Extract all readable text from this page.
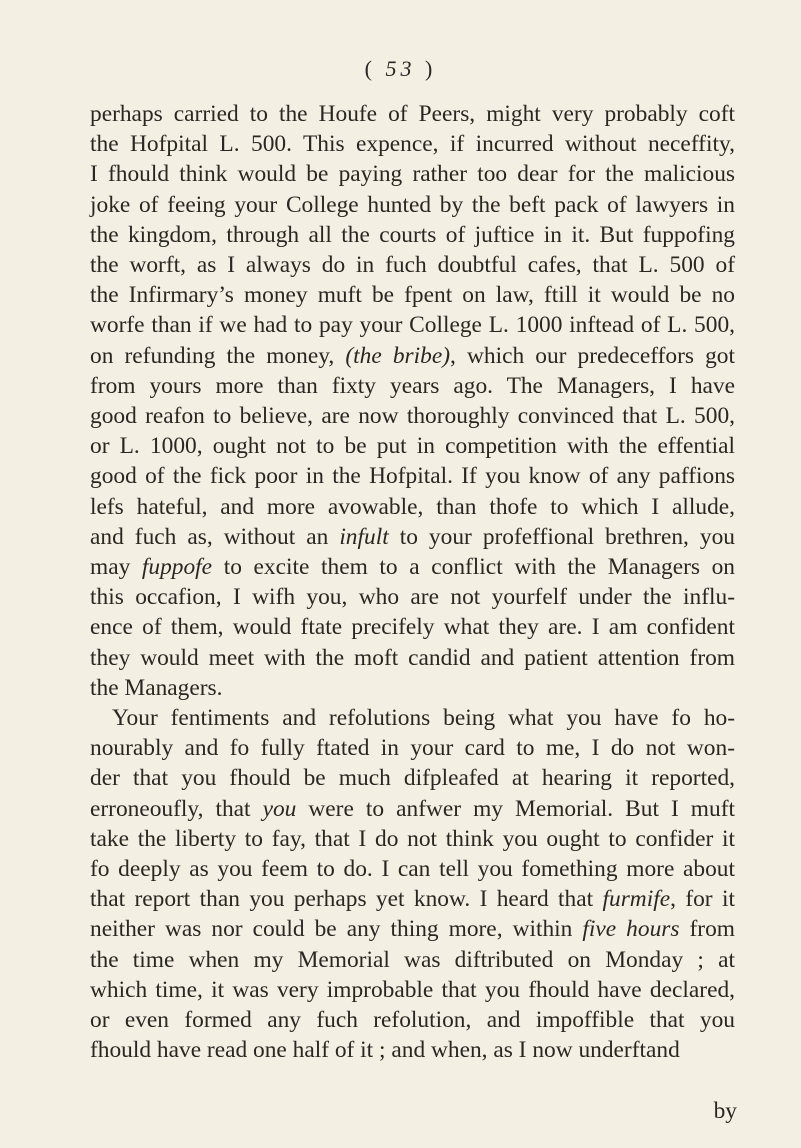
( 53 )
perhaps carried to the Houfe of Peers, might very probably coft
the Hofpital L. 500. This expence, if incurred without neceffity,
I fhould think would be paying rather too dear for the malicious
joke of feeing your College hunted by the beft pack of lawyers in
the kingdom, through all the courts of juftice in it. But fuppofing
the worft, as I always do in fuch doubtful cafes, that L. 500 of
the Infirmary’s money muft be fpent on law, ftill it would be no
worfe than if we had to pay your College L. 1000 inftead of L. 500,
on refunding the money, (the bribe), which our predeceffors got
from yours more than fixty years ago. The Managers, I have
good reafon to believe, are now thoroughly convinced that L. 500,
or L. 1000, ought not to be put in competition with the effential
good of the fick poor in the Hofpital. If you know of any paffions
lefs hateful, and more avowable, than thofe to which I allude,
and fuch as, without an infult to your profeffional brethren, you
may fuppofe to excite them to a conflict with the Managers on
this occafion, I wifh you, who are not yourfelf under the influ-
ence of them, would ftate precifely what they are. I am confident
they would meet with the moft candid and patient attention from
the Managers.
Your fentiments and refolutions being what you have fo ho-
nourably and fo fully ftated in your card to me, I do not won-
der that you fhould be much difpleafed at hearing it reported,
erroneoufly, that you were to anfwer my Memorial. But I muft
take the liberty to fay, that I do not think you ought to confider it
fo deeply as you feem to do. I can tell you fomething more about
that report than you perhaps yet know. I heard that furmife, for it
neither was nor could be any thing more, within five hours from
the time when my Memorial was diftributed on Monday ; at
which time, it was very improbable that you fhould have declared,
or even formed any fuch refolution, and impoffible that you
fhould have read one half of it ; and when, as I now underftand
by
